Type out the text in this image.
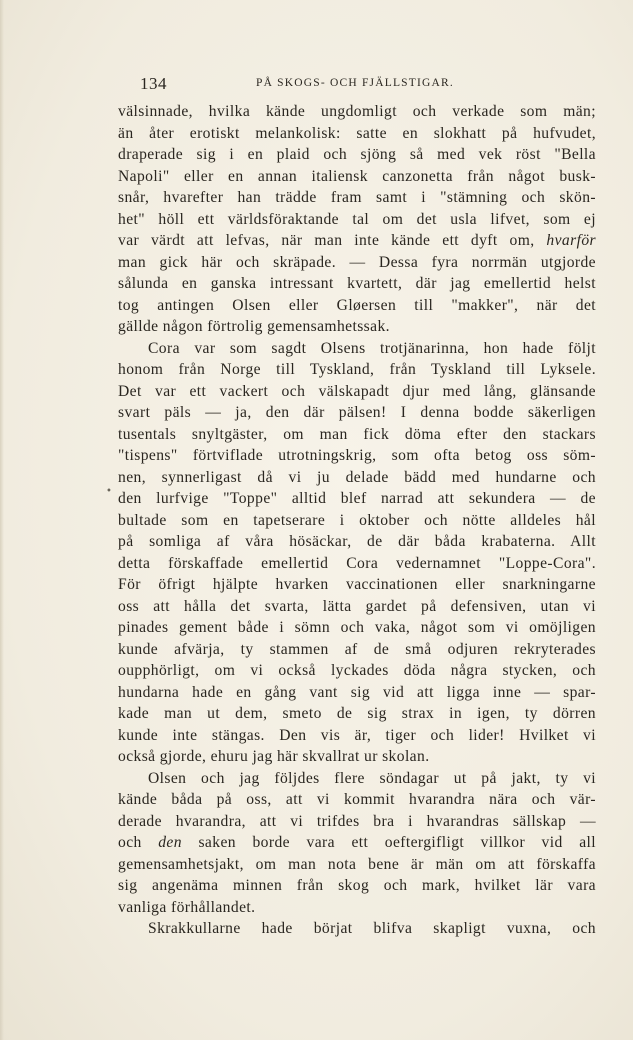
134	PÅ SKOGS- OCH FJÄLLSTIGAR.
•
välsinnade, hvilka kände ungdomligt och verkade som män;
än åter erotiskt melankolisk: satte en slokhatt på hufvudet,
draperade sig i en plaid och sjöng så med vek röst "Bella
Napoli" eller en annan italiensk canzonetta från något busk-
snår, hvarefter han trädde fram samt i "stämning och skön-
het" höll ett världsföraktande tal om det usla lifvet, som ej
var värdt att lefvas, när man inte kände ett dyft om, hvarför
man gick här och skräpade. — Dessa fyra norrmän utgjorde
sålunda en ganska intressant kvartett, där jag emellertid helst
tog antingen Olsen eller Gløersen till "makker", när det
gällde någon förtrolig gemensamhetssak.
Cora var som sagdt Olsens trotjänarinna, hon hade följt
honom från Norge till Tyskland, från Tyskland till Lyksele.
Det var ett vackert och välskapadt djur med lång, glänsande
svart päls — ja, den där pälsen! I denna bodde säkerligen
tusentals snyltgäster, om man fick döma efter den stackars
"tispens" förtviflade utrotningskrig, som ofta betog oss söm-
nen, synnerligast då vi ju delade bädd med hundarne och
den lurfvige "Toppe" alltid blef narrad att sekundera — de
bultade som en tapetserare i oktober och nötte alldeles hål
på somliga af våra hösäckar, de där båda krabaterna. Allt
detta förskaffade emellertid Cora vedernamnet "Loppe-Cora".
För öfrigt hjälpte hvarken vaccinationen eller snarkningarne
oss att hålla det svarta, lätta gardet på defensiven, utan vi
pinades gement både i sömn och vaka, något som vi omöjligen
kunde afvärja, ty stammen af de små odjuren rekryterades
oupphörligt, om vi också lyckades döda några stycken, och
hundarna hade en gång vant sig vid att ligga inne — spar-
kade man ut dem, smeto de sig strax in igen, ty dörren
kunde inte stängas. Den vis är, tiger och lider! Hvilket vi
också gjorde, ehuru jag här skvallrat ur skolan.
Olsen och jag följdes flere söndagar ut på jakt, ty vi
kände båda på oss, att vi kommit hvarandra nära och vär-
derade hvarandra, att vi trifdes bra i hvarandras sällskap —
och den saken borde vara ett oeftergifligt villkor vid all
gemensamhetsjakt, om man nota bene är män om att förskaffa
sig angenäma minnen från skog och mark, hvilket lär vara
vanliga förhållandet.
Skrakkullarne hade börjat blifva skapligt vuxna, och
